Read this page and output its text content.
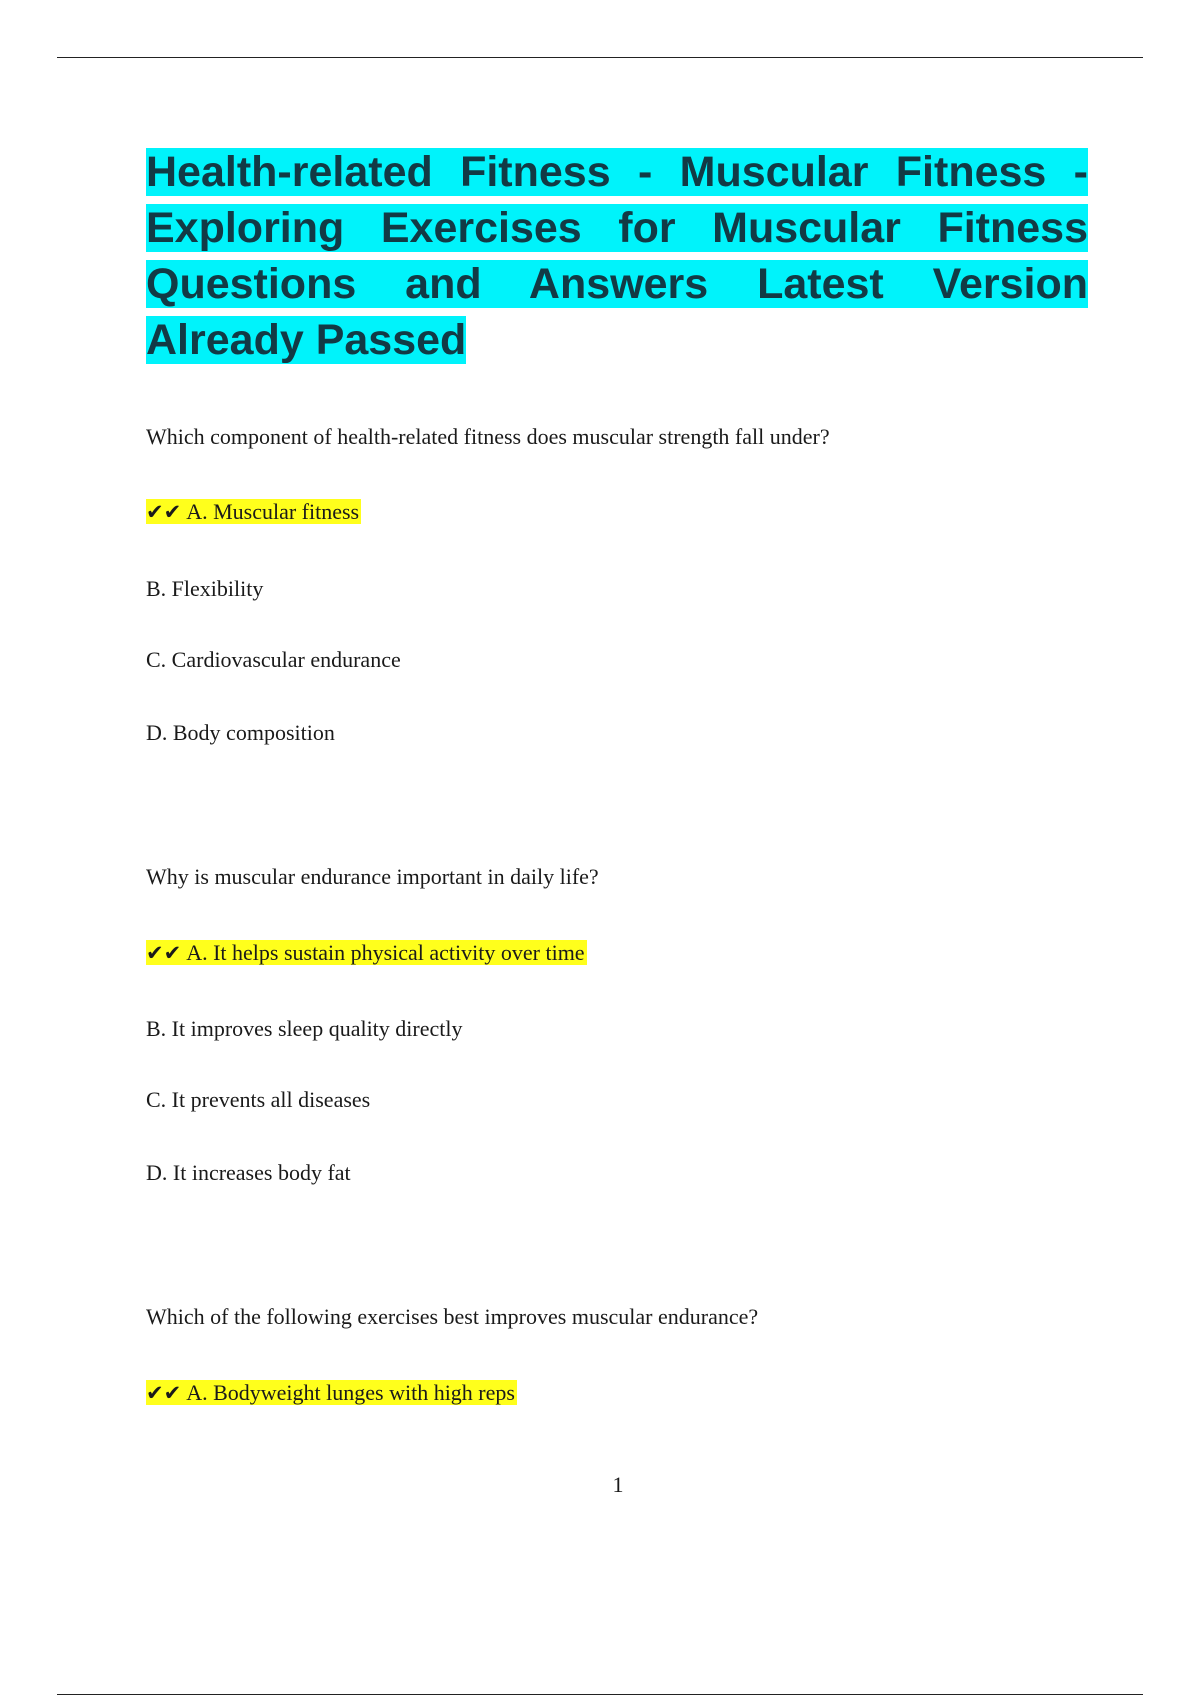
Health-related Fitness - Muscular Fitness - Exploring Exercises for Muscular Fitness Questions and Answers Latest Version Already Passed
Which component of health-related fitness does muscular strength fall under?
✔✔ A. Muscular fitness
B. Flexibility
C. Cardiovascular endurance
D. Body composition
Why is muscular endurance important in daily life?
✔✔ A. It helps sustain physical activity over time
B. It improves sleep quality directly
C. It prevents all diseases
D. It increases body fat
Which of the following exercises best improves muscular endurance?
✔✔ A. Bodyweight lunges with high reps
1
